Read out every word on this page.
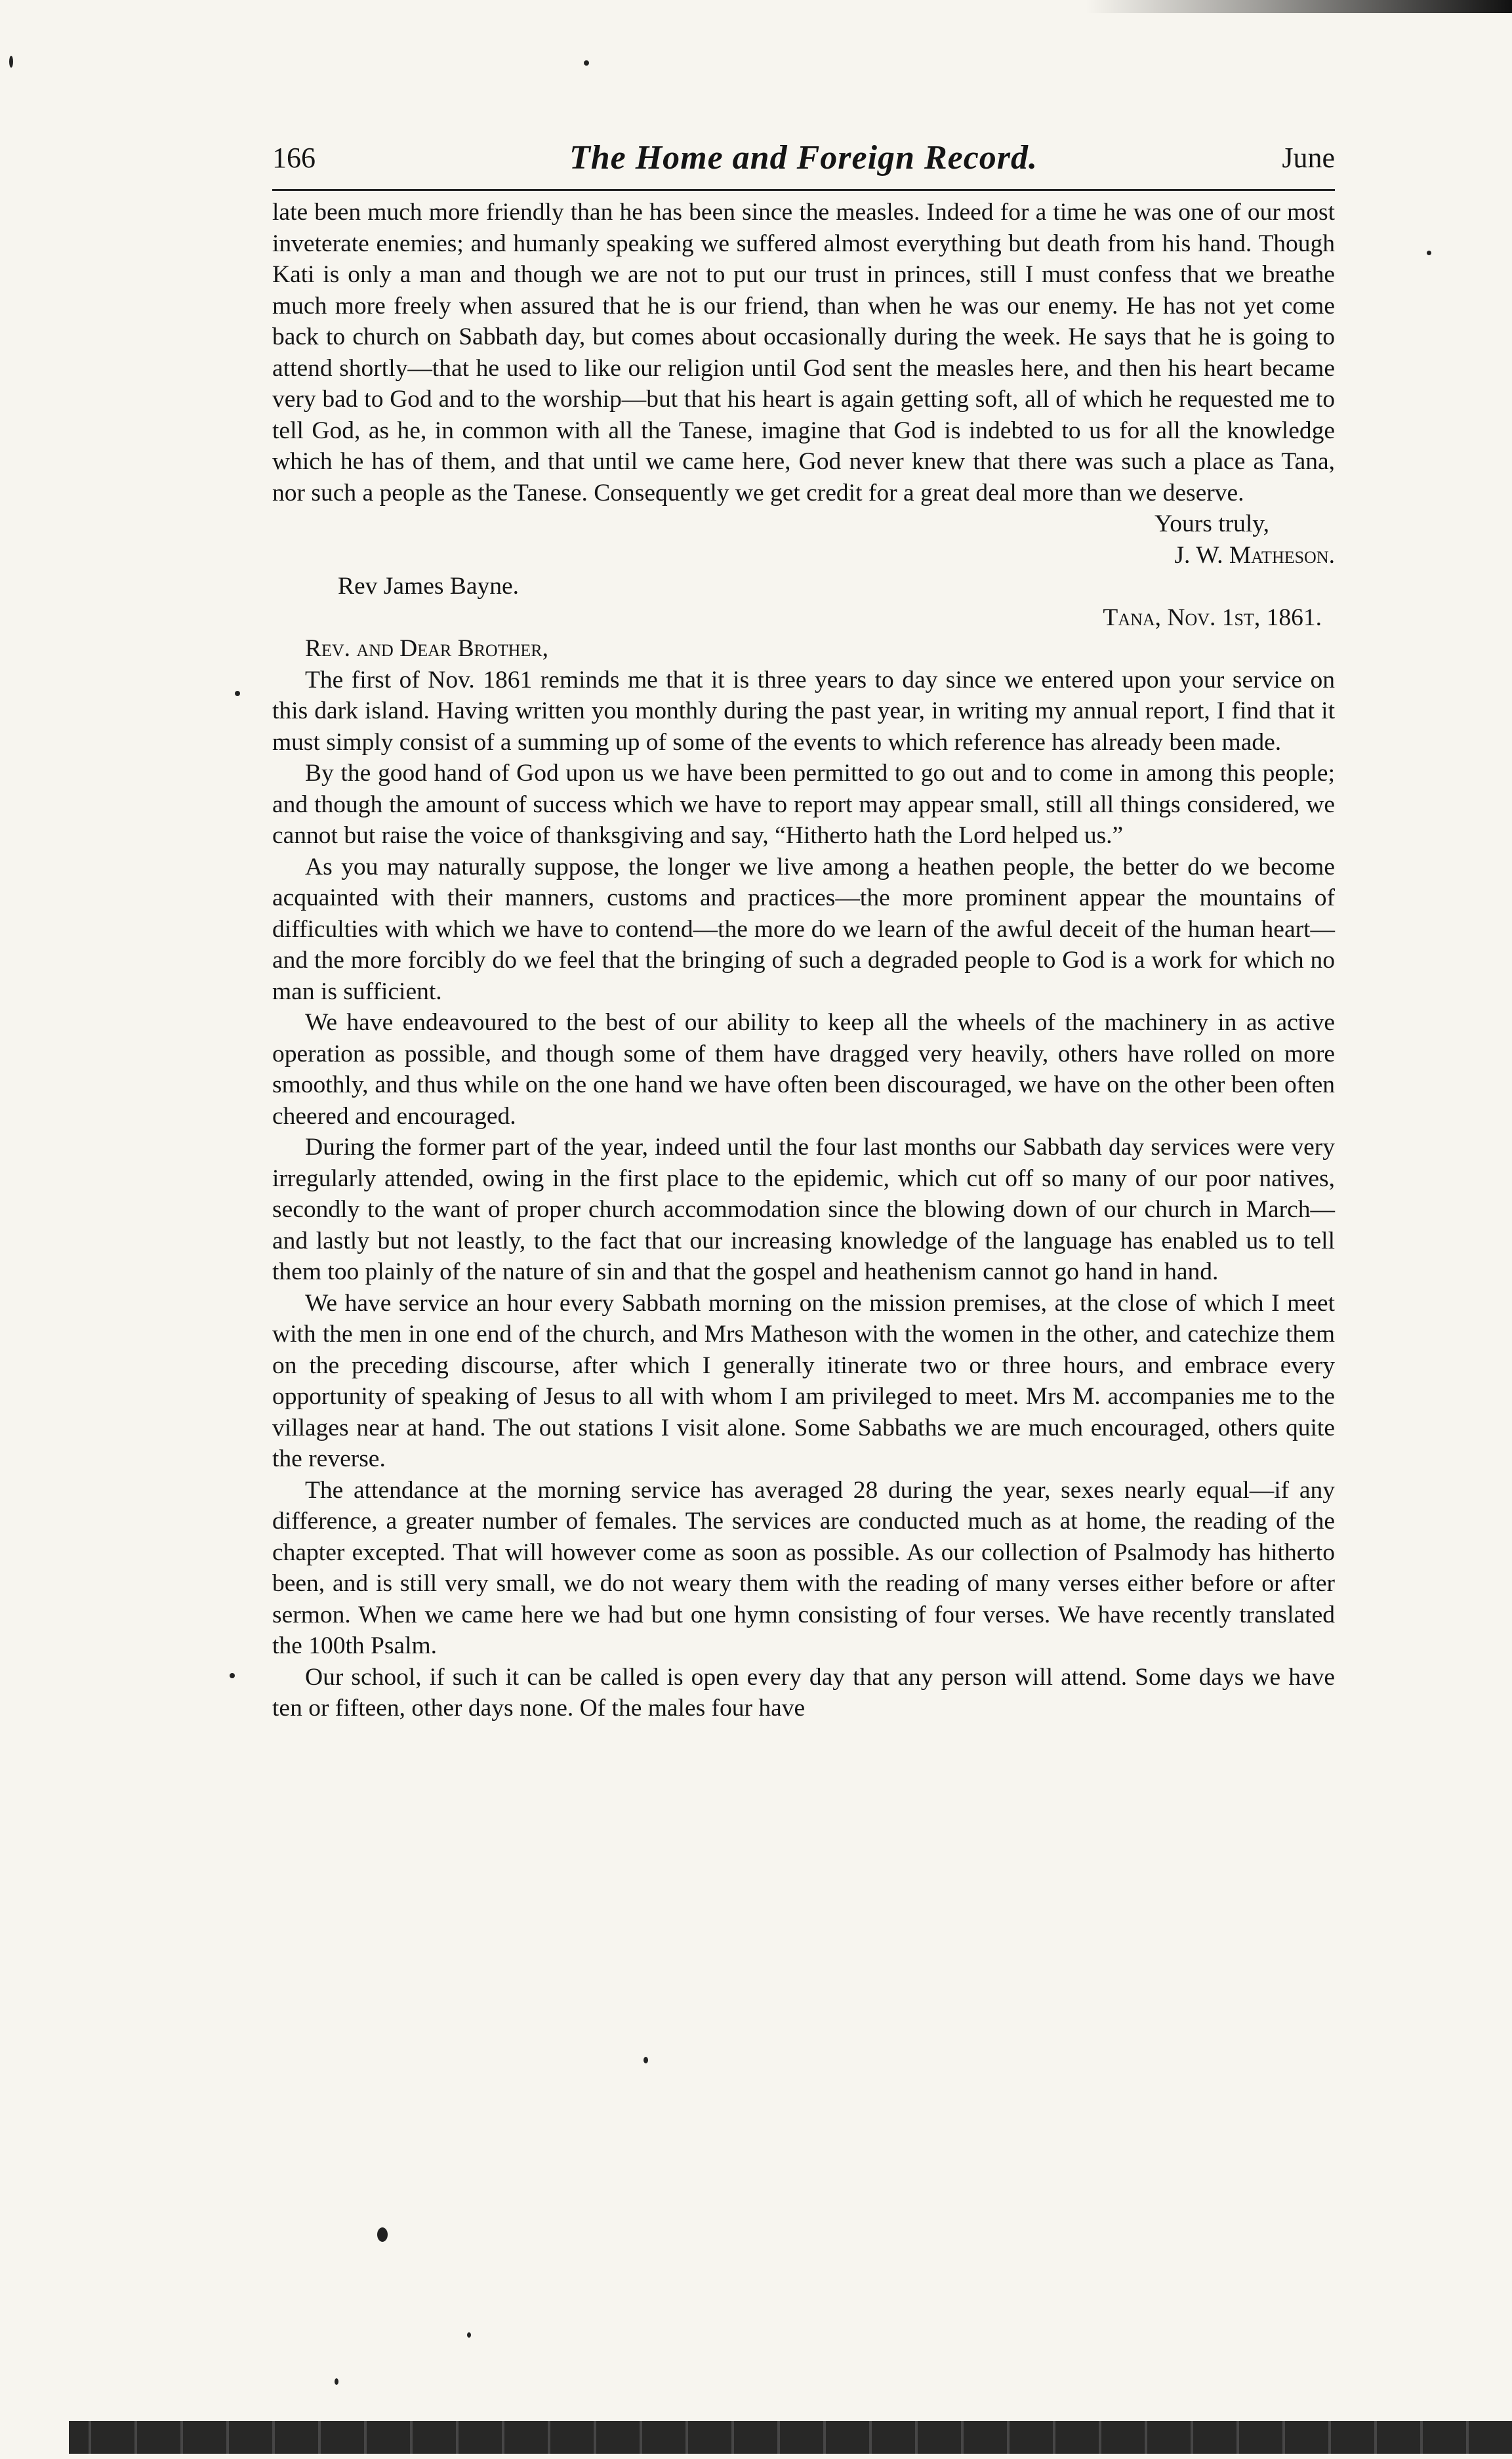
166	The Home and Foreign Record.	June

late been much more friendly than he has been since the measles. Indeed for a time he was one of our most inveterate enemies; and humanly speaking we suffered almost everything but death from his hand. Though Kati is only a man and though we are not to put our trust in princes, still I must confess that we breathe much more freely when assured that he is our friend, than when he was our enemy. He has not yet come back to church on Sabbath day, but comes about occasionally during the week. He says that he is going to attend shortly—that he used to like our religion until God sent the measles here, and then his heart became very bad to God and to the worship—but that his heart is again getting soft, all of which he requested me to tell God, as he, in common with all the Tanese, imagine that God is indebted to us for all the knowledge which he has of them, and that until we came here, God never knew that there was such a place as Tana, nor such a people as the Tanese. Consequently we get credit for a great deal more than we deserve.

Yours truly,

J. W. Matheson.

Rev James Bayne.

Tana, Nov. 1st, 1861.

Rev. and Dear Brother,

The first of Nov. 1861 reminds me that it is three years to day since we entered upon your service on this dark island. Having written you monthly during the past year, in writing my annual report, I find that it must simply consist of a summing up of some of the events to which reference has already been made.

By the good hand of God upon us we have been permitted to go out and to come in among this people; and though the amount of success which we have to report may appear small, still all things considered, we cannot but raise the voice of thanksgiving and say, “Hitherto hath the Lord helped us.”

As you may naturally suppose, the longer we live among a heathen people, the better do we become acquainted with their manners, customs and practices—the more prominent appear the mountains of difficulties with which we have to contend—the more do we learn of the awful deceit of the human heart—and the more forcibly do we feel that the bringing of such a degraded people to God is a work for which no man is sufficient.

We have endeavoured to the best of our ability to keep all the wheels of the machinery in as active operation as possible, and though some of them have dragged very heavily, others have rolled on more smoothly, and thus while on the one hand we have often been discouraged, we have on the other been often cheered and encouraged.

During the former part of the year, indeed until the four last months our Sabbath day services were very irregularly attended, owing in the first place to the epidemic, which cut off so many of our poor natives, secondly to the want of proper church accommodation since the blowing down of our church in March—and lastly but not leastly, to the fact that our increasing knowledge of the language has enabled us to tell them too plainly of the nature of sin and that the gospel and heathenism cannot go hand in hand.

We have service an hour every Sabbath morning on the mission premises, at the close of which I meet with the men in one end of the church, and Mrs Matheson with the women in the other, and catechize them on the preceding discourse, after which I generally itinerate two or three hours, and embrace every opportunity of speaking of Jesus to all with whom I am privileged to meet. Mrs M. accompanies me to the villages near at hand. The out stations I visit alone. Some Sabbaths we are much encouraged, others quite the reverse.

The attendance at the morning service has averaged 28 during the year, sexes nearly equal—if any difference, a greater number of females. The services are conducted much as at home, the reading of the chapter excepted. That will however come as soon as possible. As our collection of Psalmody has hitherto been, and is still very small, we do not weary them with the reading of many verses either before or after sermon. When we came here we had but one hymn consisting of four verses. We have recently translated the 100th Psalm.

Our school, if such it can be called is open every day that any person will attend. Some days we have ten or fifteen, other days none. Of the males four have
